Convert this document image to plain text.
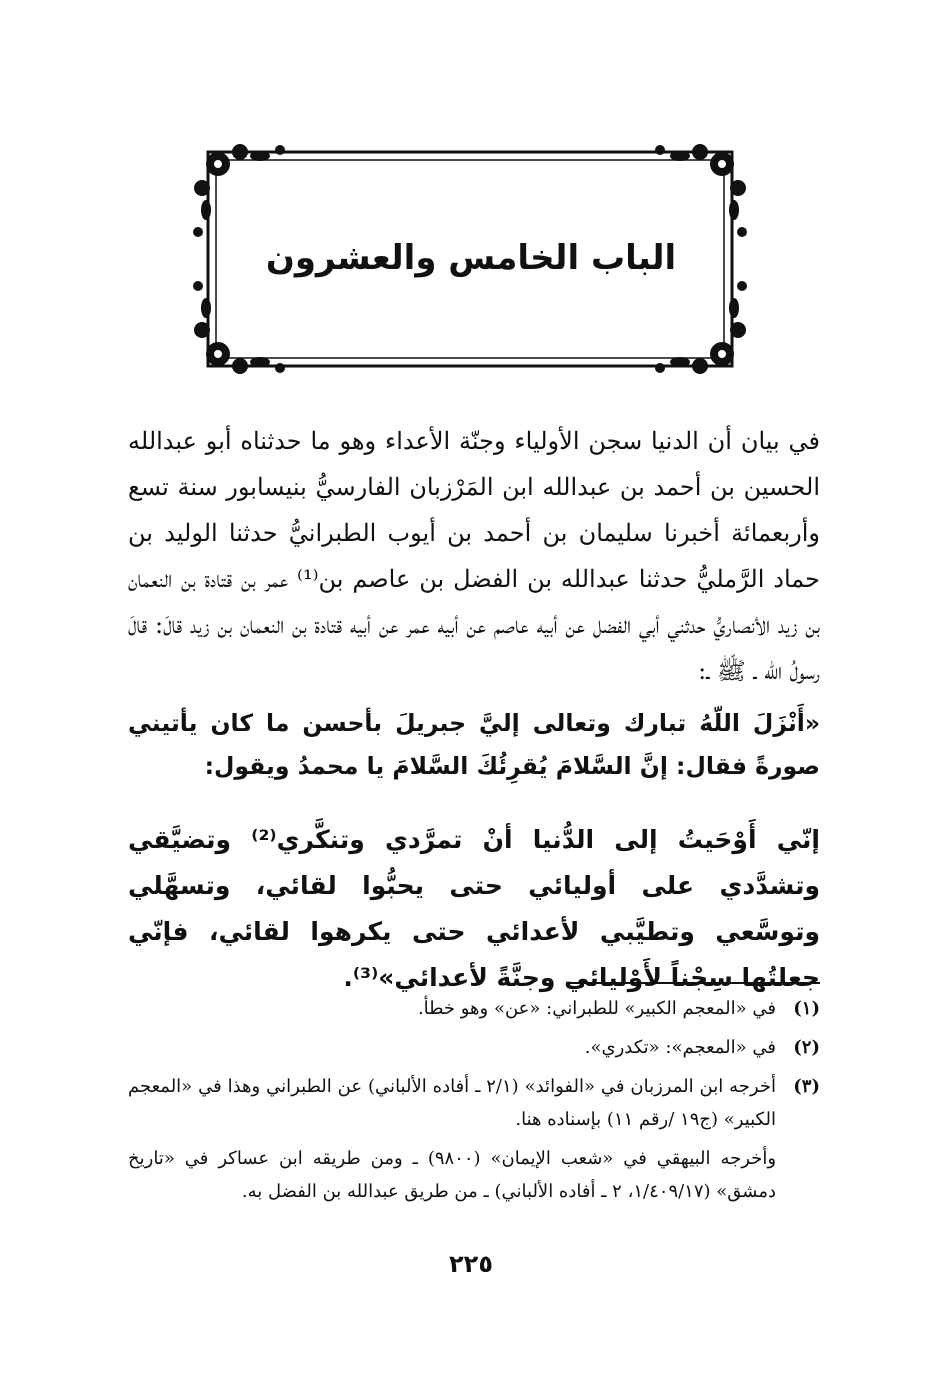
الباب الخامس والعشرون
في بيان أن الدنيا سجن الأولياء وجنّة الأعداء وهو ما حدثناه أبو عبدالله الحسين بن أحمد بن عبدالله ابن المَرْزبان الفارسيُّ بنيسابور سنة تسع وأربعمائة أخبرنا سليمان بن أحمد بن أيوب الطبرانيُّ حدثنا الوليد بن حماد الرَّمليُّ حدثنا عبدالله بن الفضل بن عاصم بن⁽¹⁾ عمر بن قتادة بن النعمان بن زيد الأنصاريُّ حدثني أبي الفضل عن أبيه عاصم عن أبيه عمر عن أبيه قتادة بن النعمان بن زيد قالَ: قالَ رسولُ الله ـ ﷺ ـ:
«أَنْزَلَ اللّهُ تبارك وتعالى إليَّ جبريلَ بأحسن ما كان يأتيني صورةً فقال: إنَّ السَّلامَ يُقرِئُكَ السَّلامَ يا محمدُ ويقول:
إنّي أَوْحَيتُ إلى الدُّنيا أنْ تمرَّدي وتنكَّري⁽²⁾ وتضيَّقي وتشدَّدي على أوليائي حتى يحبُّوا لقائي، وتسهَّلي وتوسَّعي وتطيَّبي لأعدائي حتى يكرهوا لقائي، فإنّي جعلتُها سِجْناً لأَوْليائي وجنَّةً لأعدائي»⁽³⁾.
(١)
في «المعجم الكبير» للطبراني: «عن» وهو خطأ.
(٢)
في «المعجم»: «تكدري».
(٣)
أخرجه ابن المرزبان في «الفوائد» (٢/١ ـ أفاده الألباني) عن الطبراني وهذا في «المعجم الكبير» (ج١٩ /رقم ١١) بإسناده هنا.
وأخرجه البيهقي في «شعب الإيمان» (٩٨٠٠) ـ ومن طريقه ابن عساكر في «تاريخ دمشق» (١/٤٠٩/١٧، ٢ ـ أفاده الألباني) ـ من طريق عبدالله بن الفضل به.
٢٢٥
